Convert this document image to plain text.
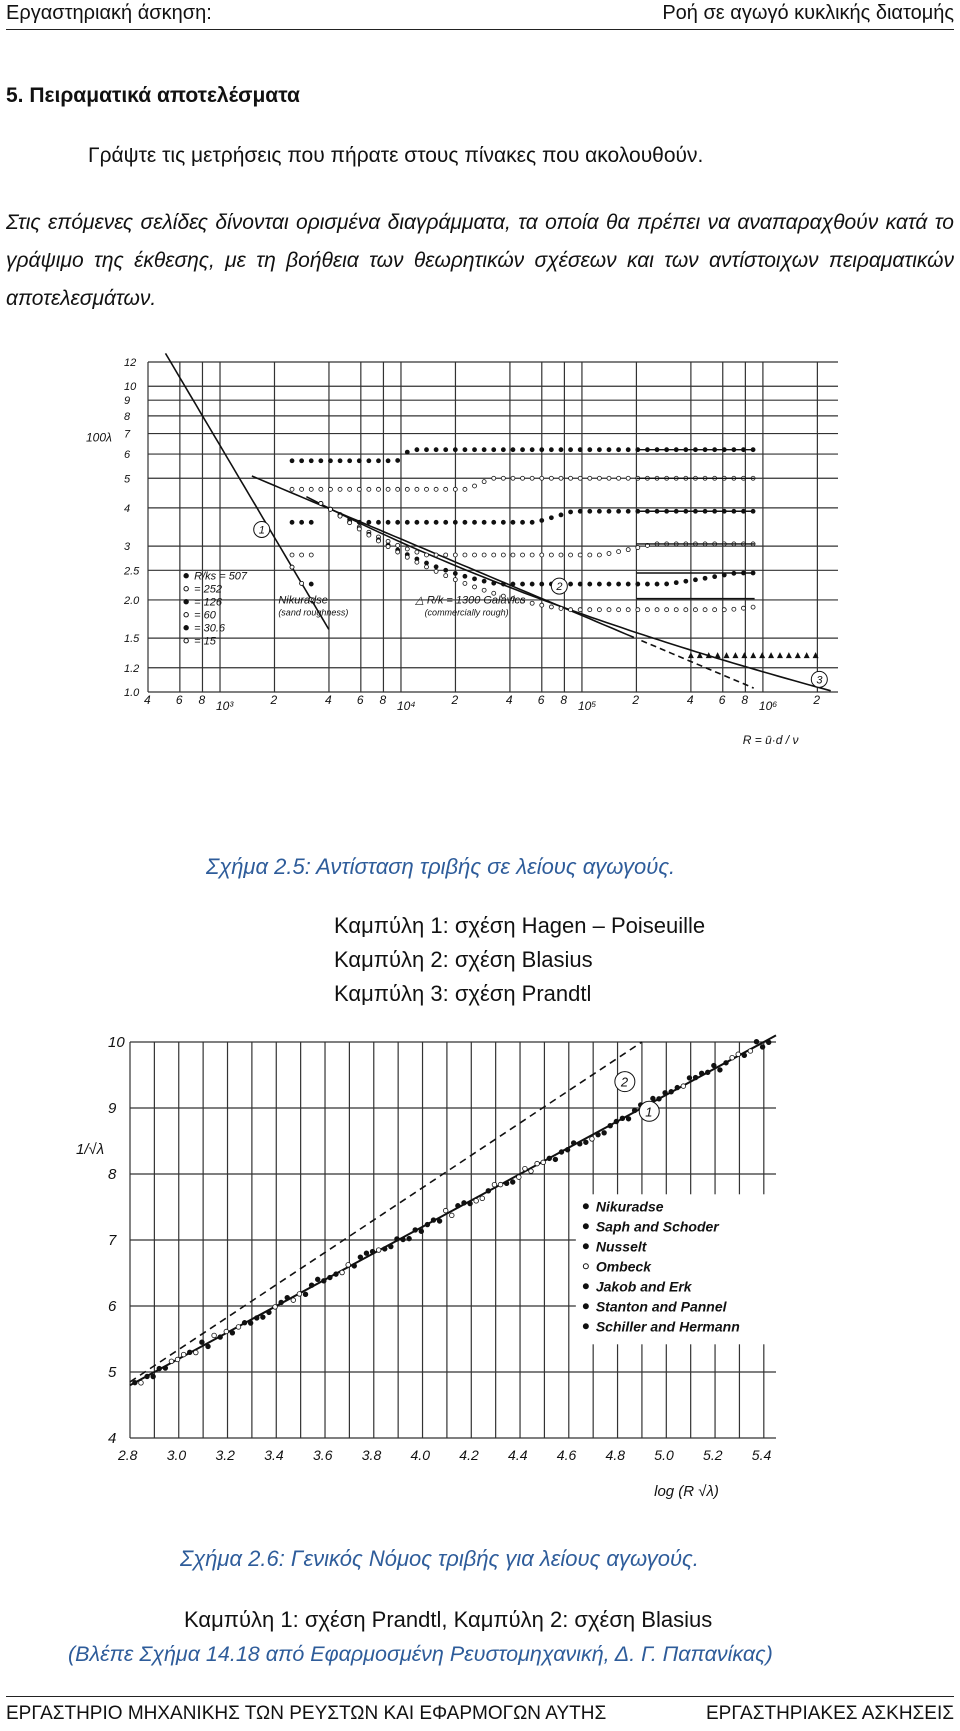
Εργαστηριακή άσκηση:	Ροή σε αγωγό κυκλικής διατομής
5. Πειραματικά αποτελέσματα
Γράψτε τις μετρήσεις που πήρατε στους πίνακες που ακολουθούν.
Στις επόμενες σελίδες δίνονται ορισμένα διαγράμματα, τα οποία θα πρέπει να αναπαραχθούν κατά το γράψιμο της έκθεσης, με τη βοήθεια των θεωρητικών σχέσεων και των αντίστοιχων πειραματικών αποτελεσμάτων.
12
10
9
8
7
6
5
4
3
2.5
2.0
1.5
1.2
1.0 4 6 8 10³	2	4 6 8 10⁴	2	4 6 8 10⁵	2	4 6 8 10⁶	2
100λ
R = ū·d / ν
1
2
3
R/ks = 507
= 252
= 126
= 60
= 30.6
= 15
Nikuradse
(sand roughness)
△ R/k = 1300 Galavics
(commercially rough)
Σχήμα 2.5: Αντίσταση τριβής σε λείους αγωγούς.
Καμπύλη 1: σχέση Hagen – Poiseuille
Καμπύλη 2: σχέση Blasius
Καμπύλη 3: σχέση Prandtl
10
9
8
7
6
5
4
2.8 3.0 3.2 3.4 3.6 3.8 4.0 4.2 4.4 4.6 4.8 5.0 5.2 5.4
1/√λ
log (R √λ)
2
1
Nikuradse
Saph and Schoder
Nusselt
Ombeck
Jakob and Erk
Stanton and Pannel
Schiller and Hermann
Σχήμα 2.6: Γενικός Νόμος τριβής για λείους αγωγούς.
Καμπύλη 1: σχέση Prandtl, Καμπύλη 2: σχέση Blasius
(Βλέπε Σχήμα 14.18 από Εφαρμοσμένη Ρευστομηχανική, Δ. Γ. Παπανίκας)
ΕΡΓΑΣΤΗΡΙΟ ΜΗΧΑΝΙΚΗΣ ΤΩΝ ΡΕΥΣΤΩΝ ΚΑΙ ΕΦΑΡΜΟΓΩΝ ΑΥΤΗΣ	ΕΡΓΑΣΤΗΡΙΑΚΕΣ ΑΣΚΗΣΕΙΣ
